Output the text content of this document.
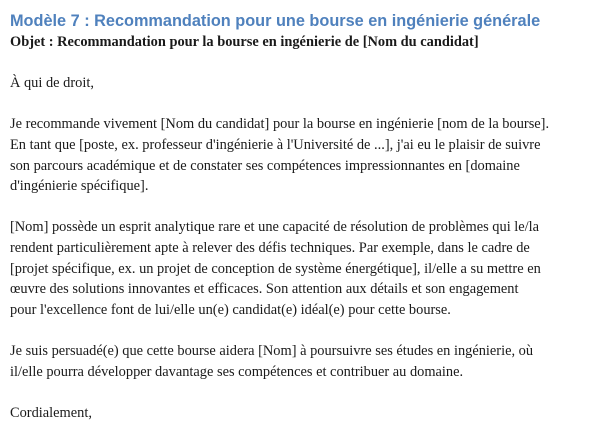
Modèle 7 : Recommandation pour une bourse en ingénierie générale
Objet : Recommandation pour la bourse en ingénierie de [Nom du candidat]

À qui de droit,

Je recommande vivement [Nom du candidat] pour la bourse en ingénierie [nom de la bourse].
En tant que [poste, ex. professeur d'ingénierie à l'Université de ...], j'ai eu le plaisir de suivre
son parcours académique et de constater ses compétences impressionnantes en [domaine
d'ingénierie spécifique].

[Nom] possède un esprit analytique rare et une capacité de résolution de problèmes qui le/la
rendent particulièrement apte à relever des défis techniques. Par exemple, dans le cadre de
[projet spécifique, ex. un projet de conception de système énergétique], il/elle a su mettre en
œuvre des solutions innovantes et efficaces. Son attention aux détails et son engagement
pour l'excellence font de lui/elle un(e) candidat(e) idéal(e) pour cette bourse.

Je suis persuadé(e) que cette bourse aidera [Nom] à poursuivre ses études en ingénierie, où
il/elle pourra développer davantage ses compétences et contribuer au domaine.

Cordialement,
